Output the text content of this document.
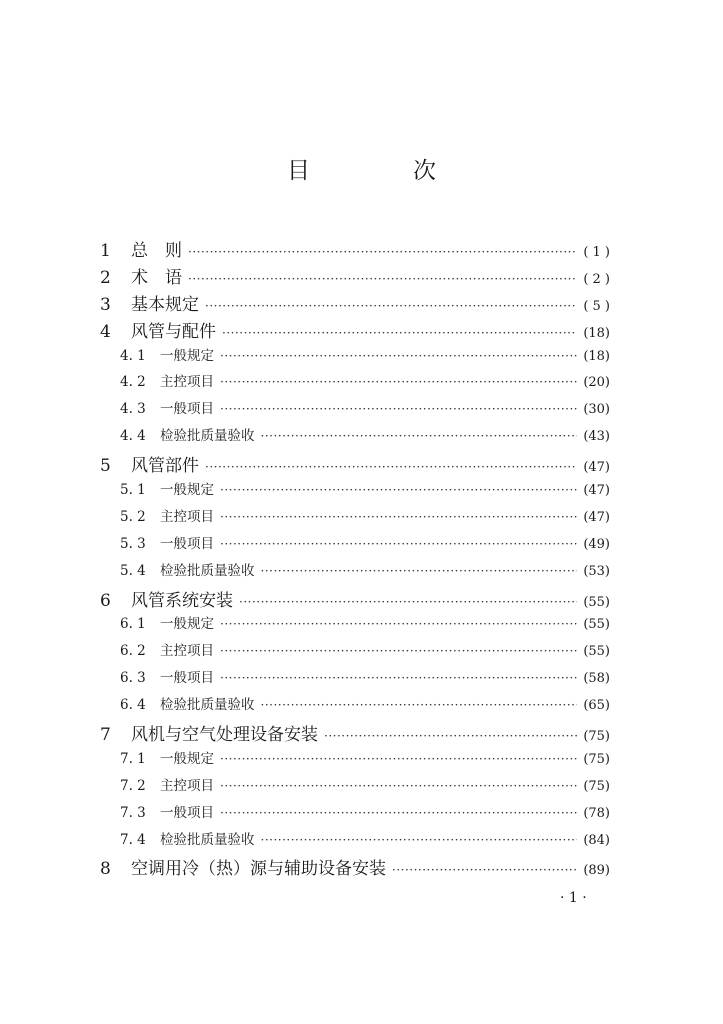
目　次
1	总　则 ·····	( 1 )
2	术　语 ·····	( 2 )
3	基本规定 ·····	( 5 )
4	风管与配件 ·····	(18)
4. 1	一般规定 ·····	(18)
4. 2	主控项目 ·····	(20)
4. 3	一般项目 ·····	(30)
4. 4	检验批质量验收 ·····	(43)
5	风管部件 ·····	(47)
5. 1	一般规定 ·····	(47)
5. 2	主控项目 ·····	(47)
5. 3	一般项目 ·····	(49)
5. 4	检验批质量验收 ·····	(53)
6	风管系统安装 ·····	(55)
6. 1	一般规定 ·····	(55)
6. 2	主控项目 ·····	(55)
6. 3	一般项目 ·····	(58)
6. 4	检验批质量验收 ·····	(65)
7	风机与空气处理设备安装 ·····	(75)
7. 1	一般规定 ·····	(75)
7. 2	主控项目 ·····	(75)
7. 3	一般项目 ·····	(78)
7. 4	检验批质量验收 ·····	(84)
8	空调用冷（热）源与辅助设备安装 ·····	(89)
· 1 ·
